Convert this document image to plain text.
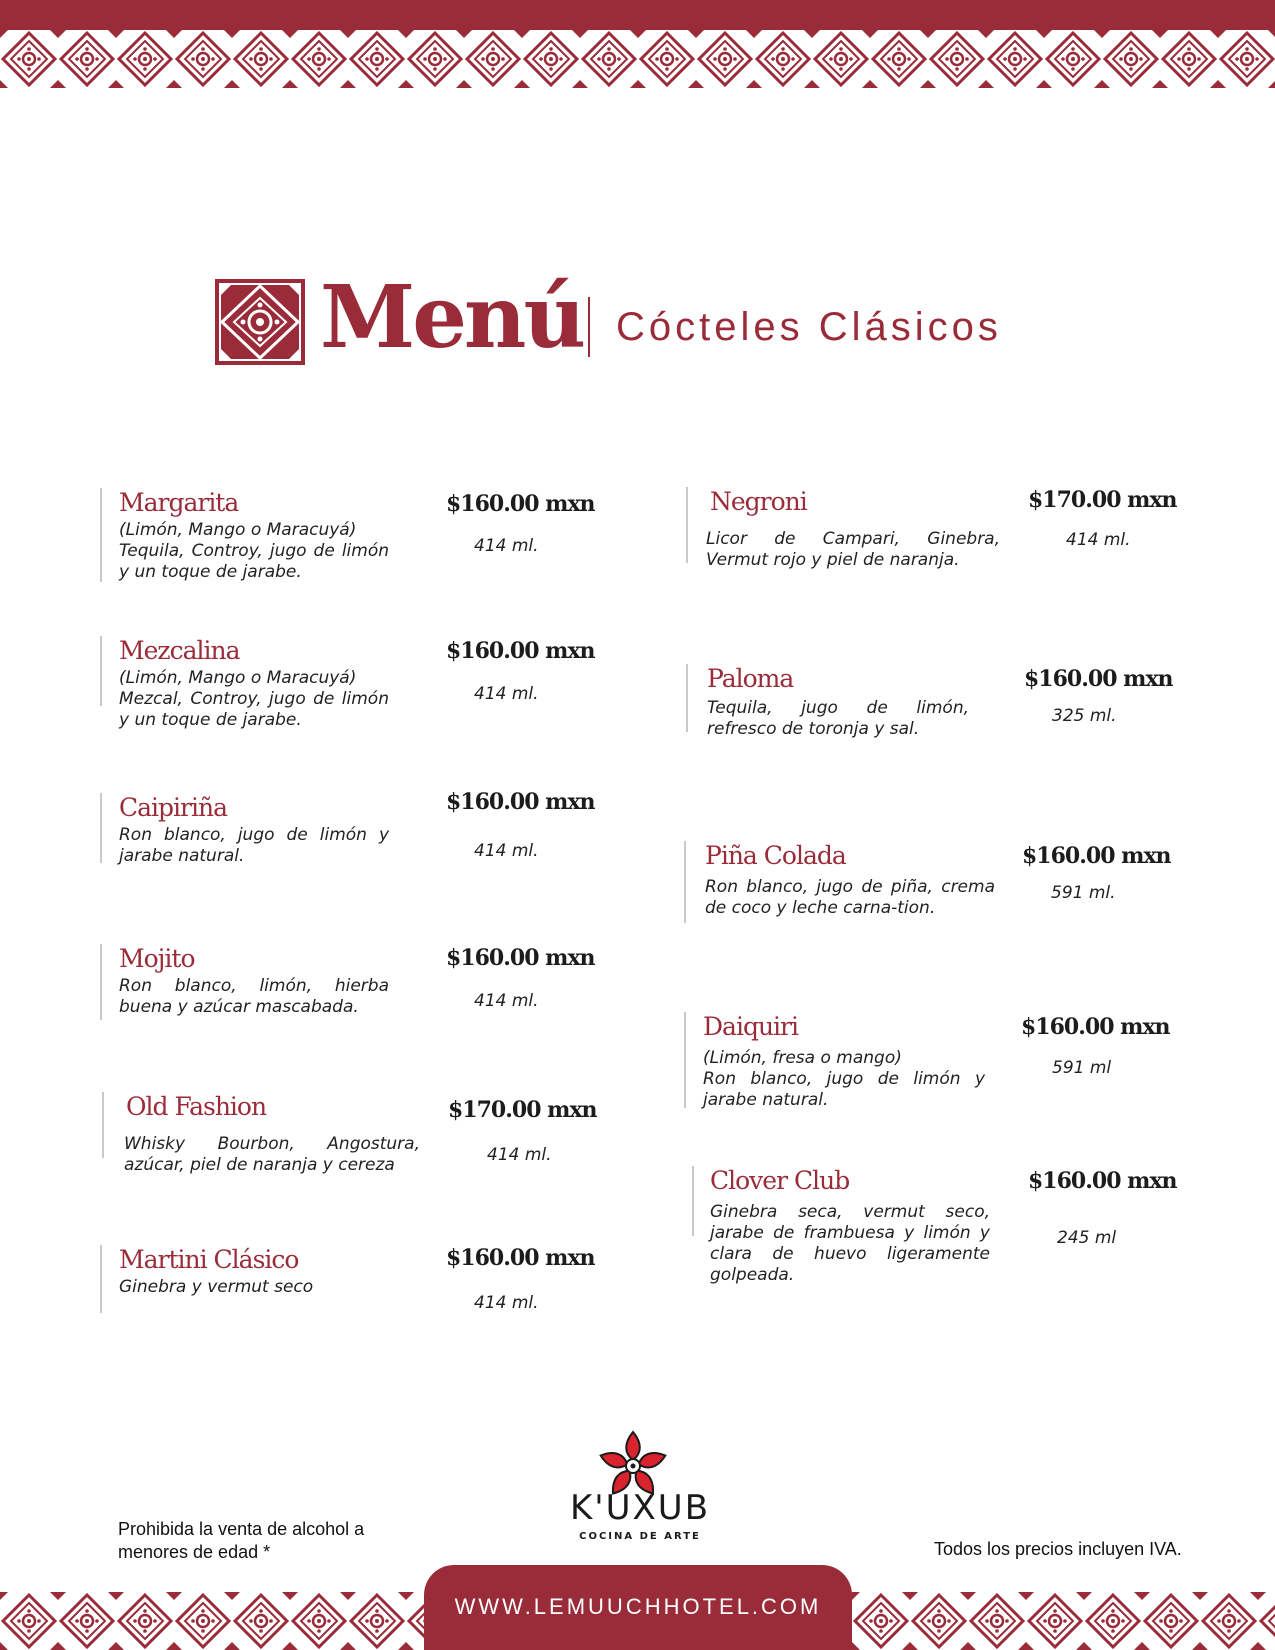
Menú Cócteles Clásicos
Margarita
(Limón, Mango o Maracuyá)
Tequila, Controy, jugo de limón y un toque de jarabe.
$160.00 mxn
414 ml.
Mezcalina
(Limón, Mango o Maracuyá)
Mezcal, Controy, jugo de limón y un toque de jarabe.
$160.00 mxn
414 ml.
Caipiriña
Ron blanco, jugo de limón y jarabe natural.
$160.00 mxn
414 ml.
Mojito
Ron blanco, limón, hierba buena y azúcar mascabada.
$160.00 mxn
414 ml.
Old Fashion
Whisky Bourbon, Angostura, azúcar, piel de naranja y cereza
$170.00 mxn
414 ml.
Martini Clásico
Ginebra y vermut seco
$160.00 mxn
414 ml.
Negroni
Licor de Campari, Ginebra, Vermut rojo y piel de naranja.
$170.00 mxn
414 ml.
Paloma
Tequila, jugo de limón, refresco de toronja y sal.
$160.00 mxn
325 ml.
Piña Colada
Ron blanco, jugo de piña, crema de coco y leche carna-tion.
$160.00 mxn
591 ml.
Daiquiri
(Limón, fresa o mango)
Ron blanco, jugo de limón y jarabe natural.
$160.00 mxn
591 ml
Clover Club
Ginebra seca, vermut seco, jarabe de frambuesa y limón y clara de huevo ligeramente golpeada.
$160.00 mxn
245 ml
Prohibida la venta de alcohol a menores de edad *	Todos los precios incluyen IVA.
K'UXUB
COCINA DE ARTE
WWW.LEMUUCHHOTEL.COM
